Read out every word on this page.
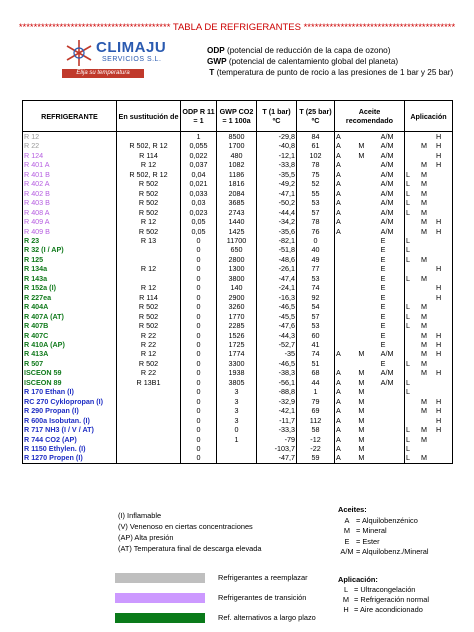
***************************************** TABLA DE REFRIGERANTES *****************************************
CLIMAJU
SERVICIOS S.L.
Elija su temperatura
ODP (potencial de reducción de la capa de ozono)
GWP (potencial de calentamiento global del planeta)
T (temperatura de punto de rocio a las presiones de 1 bar y 25 bar)
REFRIGERANTE	En sustitución de	ODP R 11 = 1	GWP CO2 = 1 100a	T (1 bar) ºC	T (25 bar) ºC	Aceite recomendado	Aplicación
R 12		1	8500	-29,8	84	A A/M	H

R 22	R 502, R 12	0,055	1700	-40,8	61	A M A/M	M H

R 124	R 114	0,022	480	-12,1	102	A M A/M	H

R 401 A	R 12	0,037	1082	-33,8	78	A A/M	M H

R 401 B	R 502, R 12	0,04	1186	-35,5	75	A A/M	L M

R 402 A	R 502	0,021	1816	-49,2	52	A A/M	L M

R 402 B	R 502	0,033	2084	-47,1	55	A A/M	L M

R 403 B	R 502	0,03	3685	-50,2	53	A A/M	L M

R 408 A	R 502	0,023	2743	-44,4	57	A A/M	L M

R 409 A	R 12	0,05	1440	-34,2	78	A A/M	M H

R 409 B	R 502	0,05	1425	-35,6	76	A A/M	M H

R 23	R 13	0	11700	-82,1	0	E	L

R 32 (I / AP)		0	650	-51,8	40	E	L

R 125		0	2800	-48,6	49	E	L M

R 134a	R 12	0	1300	-26,1	77	E	H

R 143a		0	3800	-47,4	53	E	L M

R 152a (I)	R 12	0	140	-24,1	74	E	H

R 227ea	R 114	0	2900	-16,3	92	E	H

R 404A	R 502	0	3260	-46,5	54	E	L M

R 407A (AT)	R 502	0	1770	-45,5	57	E	L M

R 407B	R 502	0	2285	-47,6	53	E	L M

R 407C	R 22	0	1526	-44,3	60	E	M H

R 410A (AP)	R 22	0	1725	-52,7	41	E	M H

R 413A	R 12	0	1774	-35	74	A M A/M	M H

R 507	R 502	0	3300	-46,5	51	E	L M

ISCEON 59	R 22	0	1938	-38,3	68	A M A/M	M H

ISCEON 89	R 13B1	0	3805	-56,1	44	A M A/M	L

R 170 Ethan (I)		0	3	-88,8	1	A M	L

RC 270 Cyklopropan (I)		0	3	-32,9	79	A M	M H

R 290 Propan (I)		0	3	-42,1	69	A M	M H

R 600a Isobutan. (I)		0	3	-11,7	112	A M	H

R 717 NH3 (I / V / AT)		0	0	-33,3	58	A M	L M H

R 744 CO2 (AP)		0	1	-79	-12	A M	L M

R 1150 Ethylen. (I)		0		-103,7	-22	A M	L

R 1270 Propen (I)		0		-47,7	59	A M	L M
(I) Inflamable
(V) Venenoso en ciertas concentraciones
(AP) Alta presión
(AT) Temperatura final de descarga elevada
Aceites:
A = Alquilobenzénico
M = Mineral
E = Ester
A/M = Alquilobenz./Mineral
Refrigerantes a reemplazar
Refrigerantes de transición
Ref. alternativos a largo plazo
Aplicación:
L = Ultracongelación
M = Refrigeración normal
H = Aire acondicionado
